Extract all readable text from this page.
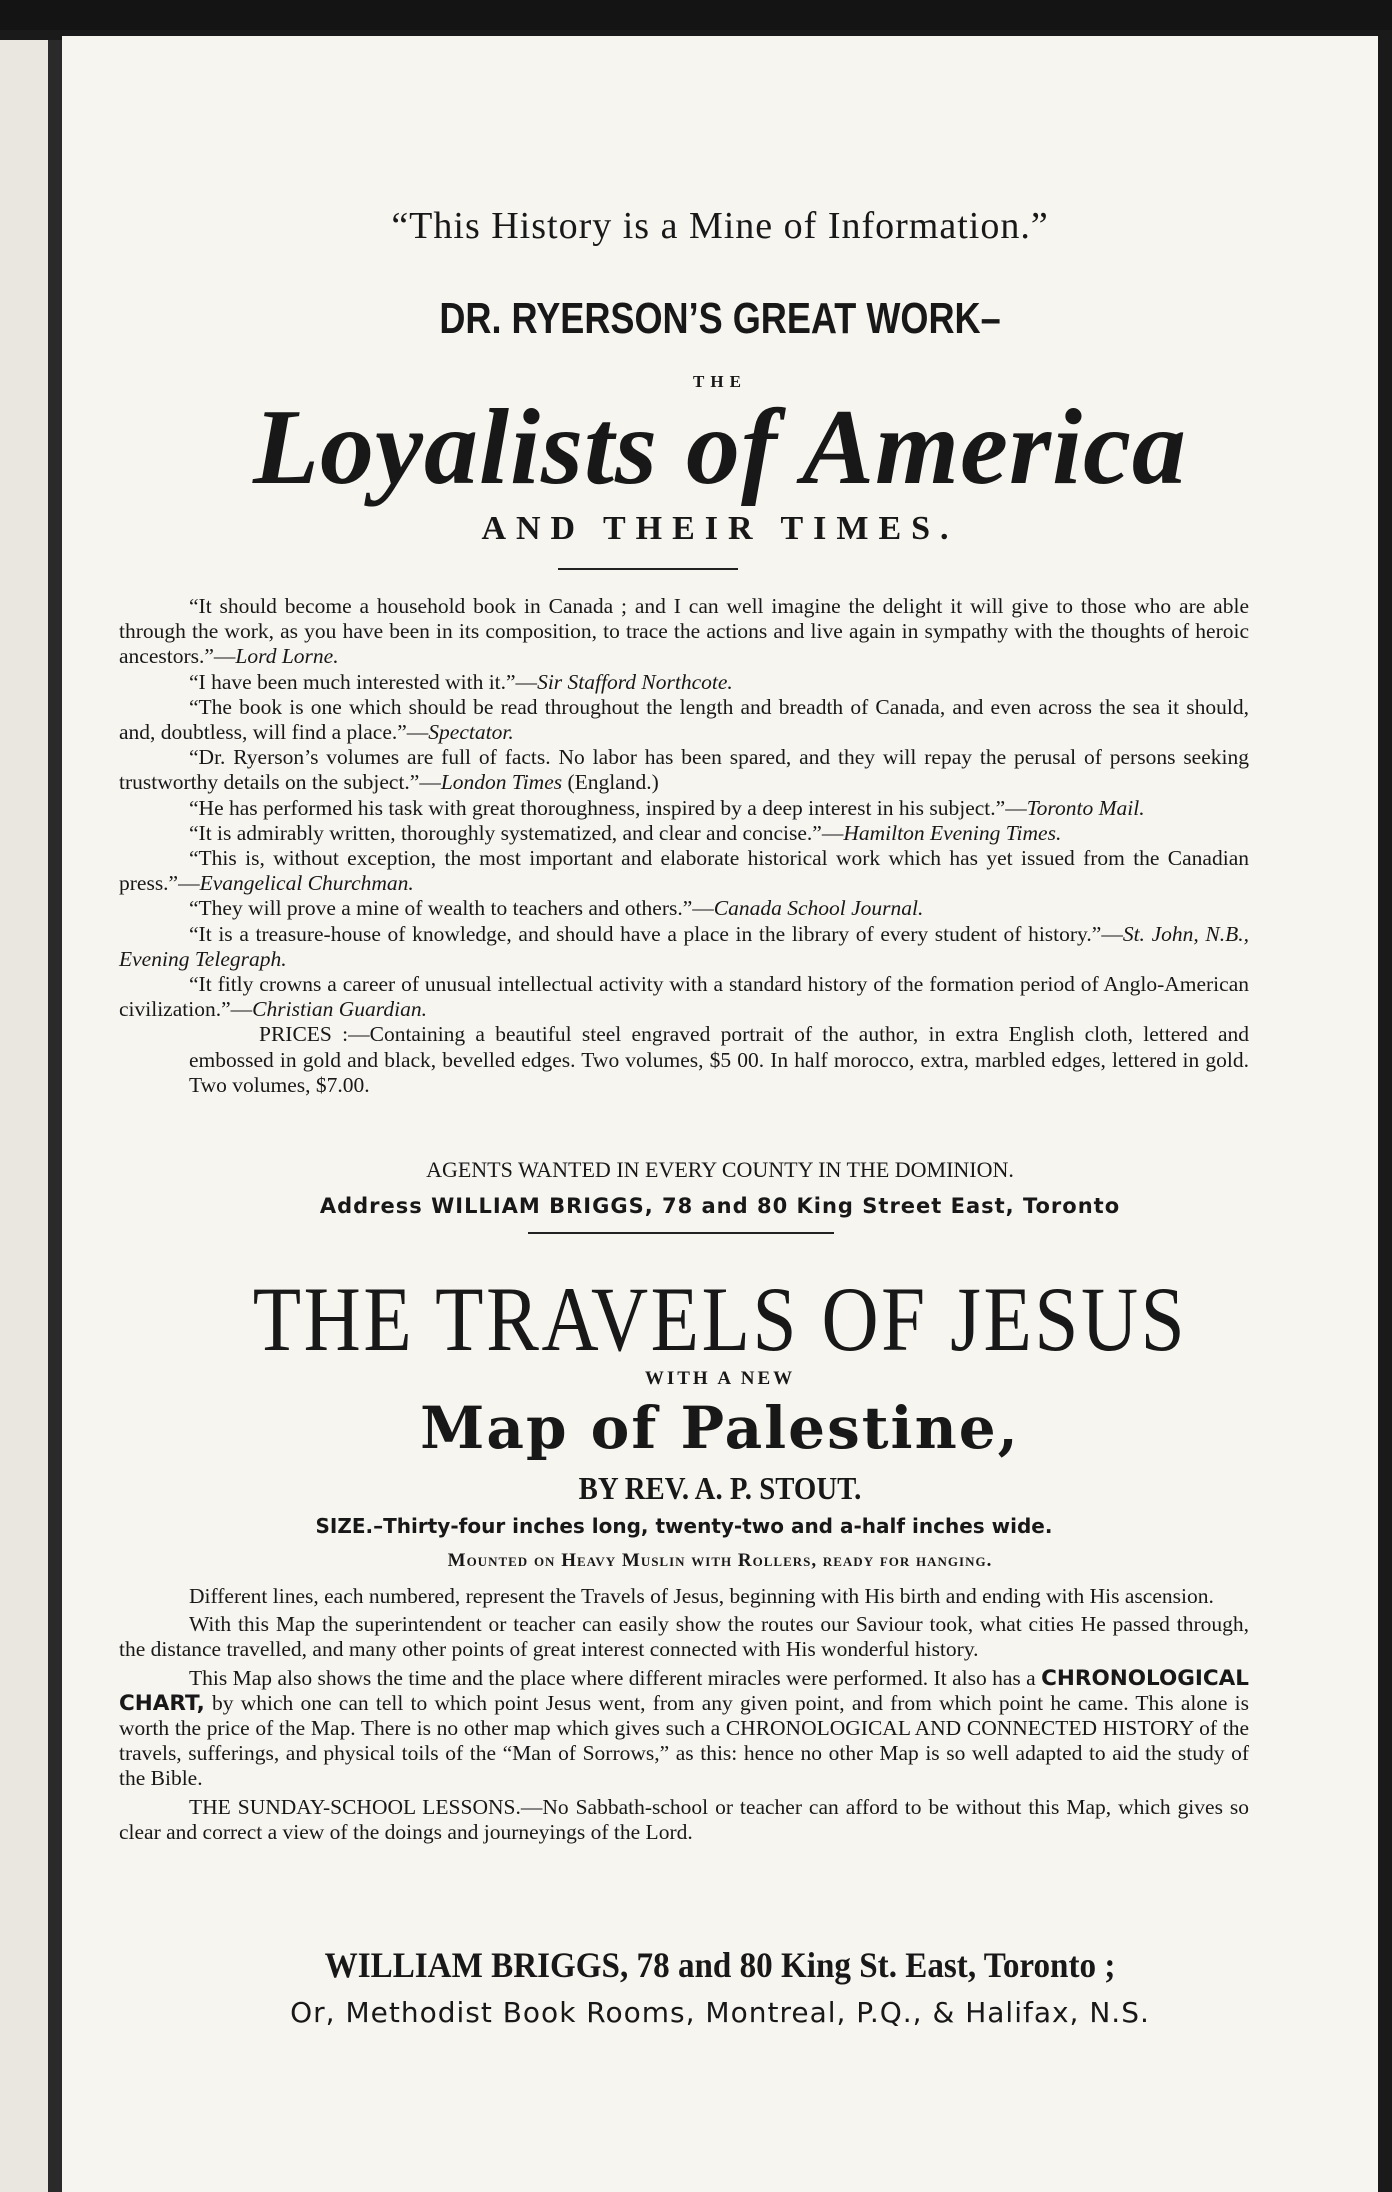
“This History is a Mine of Information.”
DR. RYERSON’S GREAT WORK–
THE
Loyalists of America
AND THEIR TIMES.

“It should become a household book in Canada ; and I can well imagine the delight it will give to those who are able through the work, as you have been in its composition, to trace the actions and live again in sympathy with the thoughts of heroic ancestors.”—Lord Lorne.

“I have been much interested with it.”—Sir Stafford Northcote.

“The book is one which should be read throughout the length and breadth of Canada, and even across the sea it should, and, doubtless, will find a place.”—Spectator.

“Dr. Ryerson’s volumes are full of facts. No labor has been spared, and they will repay the perusal of persons seeking trustworthy details on the subject.”—London Times (England.)

“He has performed his task with great thoroughness, inspired by a deep interest in his subject.”—Toronto Mail.

“It is admirably written, thoroughly systematized, and clear and concise.”—Hamilton Evening Times.

“This is, without exception, the most important and elaborate historical work which has yet issued from the Canadian press.”—Evangelical Churchman.

“They will prove a mine of wealth to teachers and others.”—Canada School Journal.

“It is a treasure-house of knowledge, and should have a place in the library of every student of history.”—St. John, N.B., Evening Telegraph.

“It fitly crowns a career of unusual intellectual activity with a standard history of the formation period of Anglo-American civilization.”—Christian Guardian.

PRICES :—Containing a beautiful steel engraved portrait of the author, in extra English cloth, lettered and embossed in gold and black, bevelled edges. Two volumes, $5 00. In half morocco, extra, marbled edges, lettered in gold. Two volumes, $7.00.

AGENTS WANTED IN EVERY COUNTY IN THE DOMINION.
Address WILLIAM BRIGGS, 78 and 80 King Street East, Toronto
THE TRAVELS OF JESUS
WITH A NEW
Map of Palestine,
BY REV. A. P. STOUT.
SIZE.–Thirty-four inches long, twenty-two and a-half inches wide.
Mounted on Heavy Muslin with Rollers, ready for hanging.

Different lines, each numbered, represent the Travels of Jesus, beginning with His birth and ending with His ascension.

With this Map the superintendent or teacher can easily show the routes our Saviour took, what cities He passed through, the distance travelled, and many other points of great interest connected with His wonderful history.

This Map also shows the time and the place where different miracles were performed. It also has a CHRONOLOGICAL CHART, by which one can tell to which point Jesus went, from any given point, and from which point he came. This alone is worth the price of the Map. There is no other map which gives such a CHRONOLOGICAL AND CONNECTED HISTORY of the travels, sufferings, and physical toils of the “Man of Sorrows,” as this: hence no other Map is so well adapted to aid the study of the Bible.

THE SUNDAY-SCHOOL LESSONS.—No Sabbath-school or teacher can afford to be without this Map, which gives so clear and correct a view of the doings and journeyings of the Lord.

WILLIAM BRIGGS, 78 and 80 King St. East, Toronto ;
Or, Methodist Book Rooms, Montreal, P.Q., & Halifax, N.S.
